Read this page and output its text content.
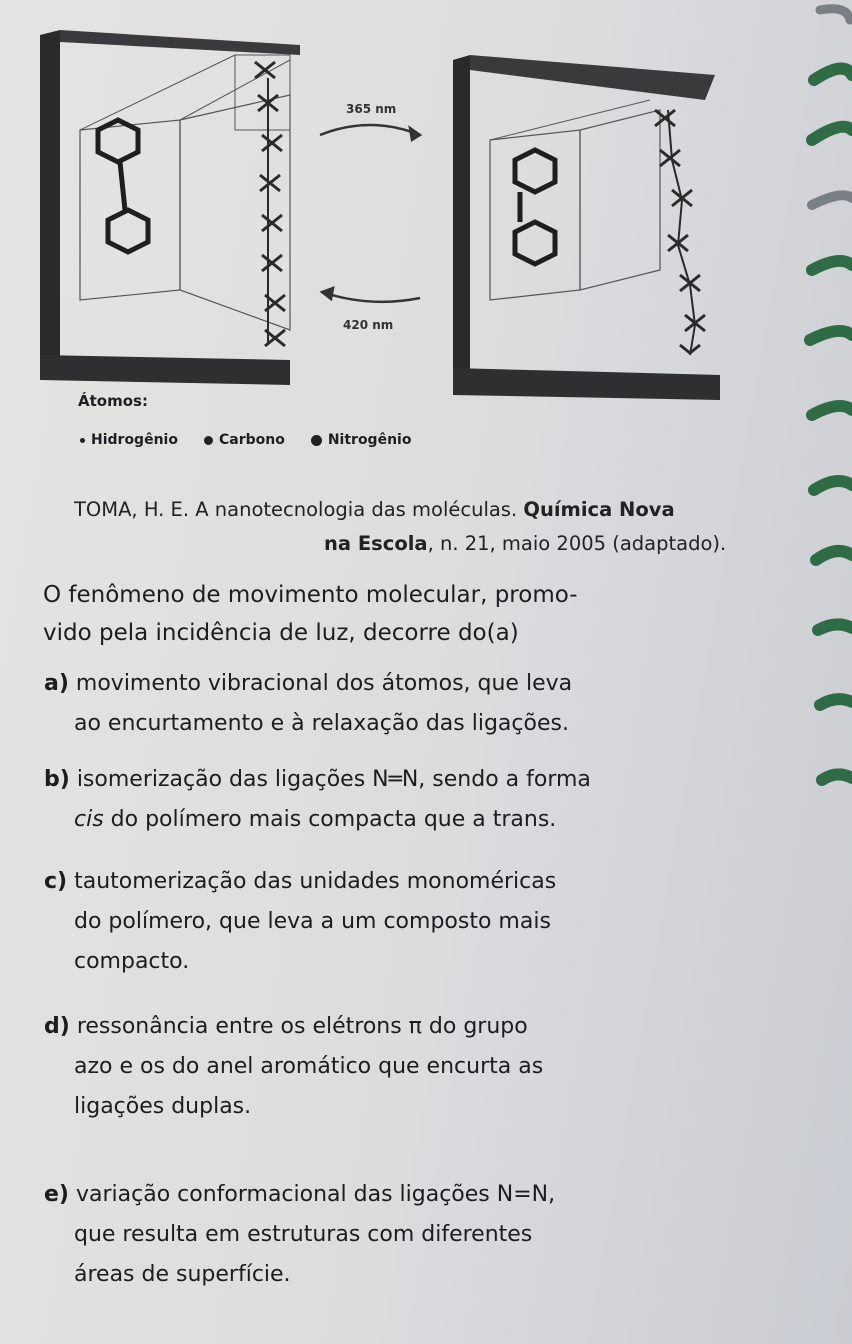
365 nm
420 nm
Átomos:
Hidrogênio	Carbono	Nitrogênio
TOMA, H. E. A nanotecnologia das moléculas. Química Nova
na Escola, n. 21, maio 2005 (adaptado).
O fenômeno de movimento molecular, promo-
vido pela incidência de luz, decorre do(a)
a) movimento vibracional dos átomos, que leva
ao encurtamento e à relaxação das ligações.
b) isomerização das ligações N═N, sendo a forma
cis do polímero mais compacta que a trans.
c) tautomerização das unidades monoméricas
do polímero, que leva a um composto mais
compacto.
d) ressonância entre os elétrons π do grupo
azo e os do anel aromático que encurta as
ligações duplas.
e) variação conformacional das ligações N=N,
que resulta em estruturas com diferentes
áreas de superfície.
